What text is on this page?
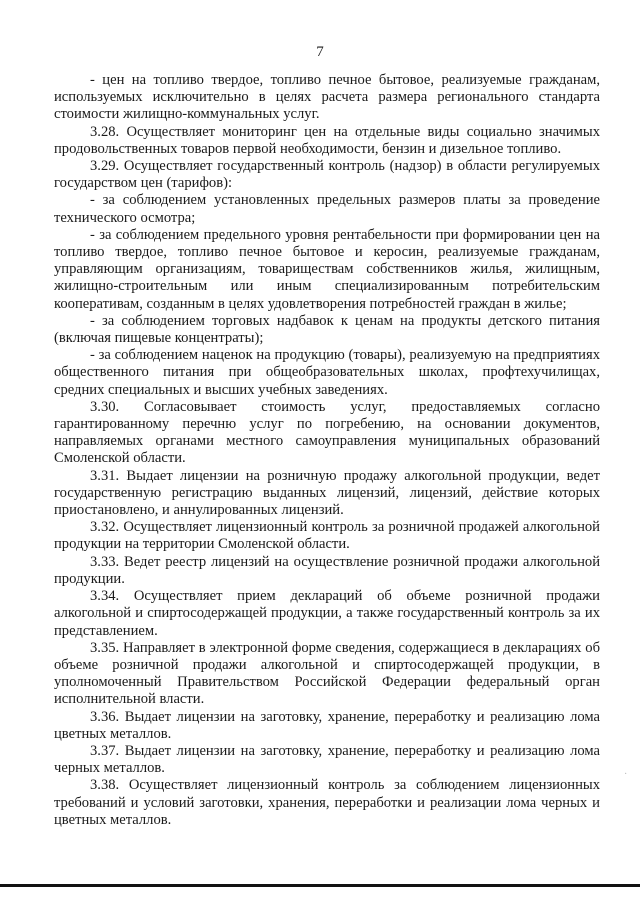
7

- цен на топливо твердое, топливо печное бытовое, реализуемые гражданам, используемых исключительно в целях расчета размера регионального стандарта стоимости жилищно-коммунальных услуг.

3.28. Осуществляет мониторинг цен на отдельные виды социально значимых продовольственных товаров первой необходимости, бензин и дизельное топливо.

3.29. Осуществляет государственный контроль (надзор) в области регулируемых государством цен (тарифов):

- за соблюдением установленных предельных размеров платы за проведение технического осмотра;

- за соблюдением предельного уровня рентабельности при формировании цен на топливо твердое, топливо печное бытовое и керосин, реализуемые гражданам, управляющим организациям, товариществам собственников жилья, жилищным, жилищно-строительным или иным специализированным потребительским кооперативам, созданным в целях удовлетворения потребностей граждан в жилье;

- за соблюдением торговых надбавок к ценам на продукты детского питания (включая пищевые концентраты);

- за соблюдением наценок на продукцию (товары), реализуемую на предприятиях общественного питания при общеобразовательных школах, профтехучилищах, средних специальных и высших учебных заведениях.

3.30. Согласовывает стоимость услуг, предоставляемых согласно гарантированному перечню услуг по погребению, на основании документов, направляемых органами местного самоуправления муниципальных образований Смоленской области.

3.31. Выдает лицензии на розничную продажу алкогольной продукции, ведет государственную регистрацию выданных лицензий, лицензий, действие которых приостановлено, и аннулированных лицензий.

3.32. Осуществляет лицензионный контроль за розничной продажей алкогольной продукции на территории Смоленской области.

3.33. Ведет реестр лицензий на осуществление розничной продажи алкогольной продукции.

3.34. Осуществляет прием деклараций об объеме розничной продажи алкогольной и спиртосодержащей продукции, а также государственный контроль за их представлением.

3.35. Направляет в электронной форме сведения, содержащиеся в декларациях об объеме розничной продажи алкогольной и спиртосодержащей продукции, в уполномоченный Правительством Российской Федерации федеральный орган исполнительной власти.

3.36. Выдает лицензии на заготовку, хранение, переработку и реализацию лома цветных металлов.

3.37. Выдает лицензии на заготовку, хранение, переработку и реализацию лома черных металлов.

3.38. Осуществляет лицензионный контроль за соблюдением лицензионных требований и условий заготовки, хранения, переработки и реализации лома черных и цветных металлов.

·
